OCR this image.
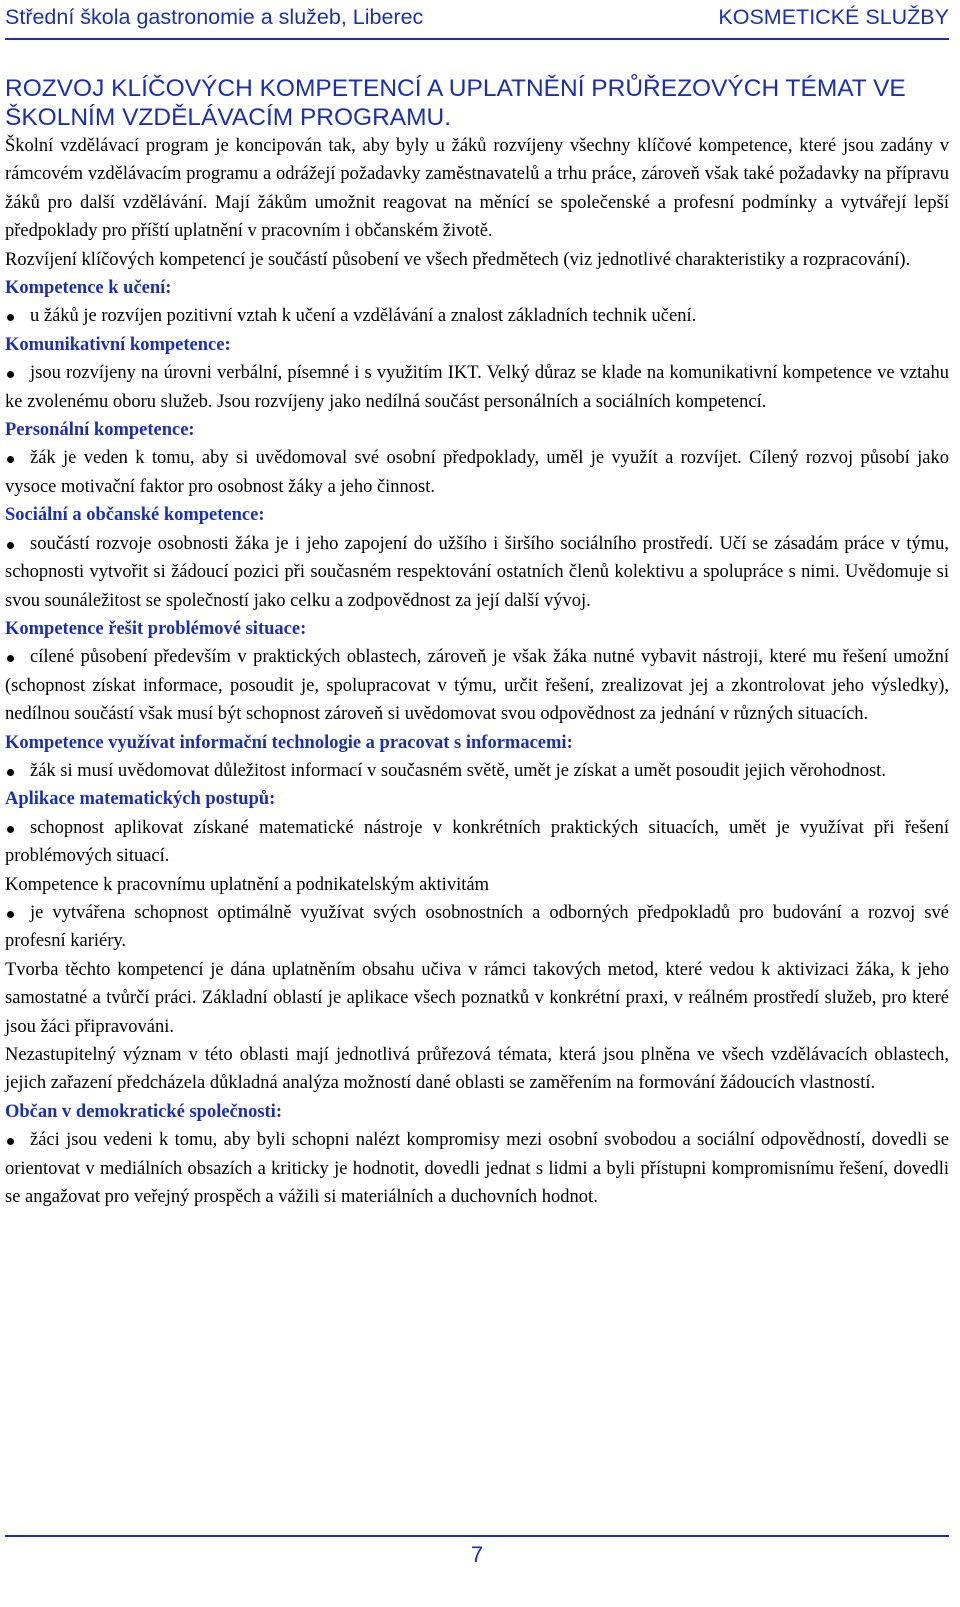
Střední škola gastronomie a služeb, Liberec	KOSMETICKÉ SLUŽBY
ROZVOJ KLÍČOVÝCH KOMPETENCÍ A UPLATNĚNÍ PRŮŘEZOVÝCH TÉMAT VE ŠKOLNÍM VZDĚLÁVACÍM PROGRAMU.

Školní vzdělávací program je koncipován tak, aby byly u žáků rozvíjeny všechny klíčové kompetence, které jsou zadány v rámcovém vzdělávacím programu a odrážejí požadavky zaměstnavatelů a trhu práce, zároveň však také požadavky na přípravu žáků pro další vzdělávání. Mají žákům umožnit reagovat na měnící se společenské a profesní podmínky a vytvářejí lepší předpoklady pro příští uplatnění v pracovním i občanském životě.

Rozvíjení klíčových kompetencí je součástí působení ve všech předmětech (viz jednotlivé charakteristiky a rozpracování).

Kompetence k učení:

u žáků je rozvíjen pozitivní vztah k učení a vzdělávání a znalost základních technik učení.

Komunikativní kompetence:

jsou rozvíjeny na úrovni verbální, písemné i s využitím IKT. Velký důraz se klade na komunikativní kompetence ve vztahu ke zvolenému oboru služeb. Jsou rozvíjeny jako nedílná součást personálních a sociálních kompetencí.

Personální kompetence:

žák je veden k tomu, aby si uvědomoval své osobní předpoklady, uměl je využít a rozvíjet. Cílený rozvoj působí jako vysoce motivační faktor pro osobnost žáky a jeho činnost.

Sociální a občanské kompetence:

součástí rozvoje osobnosti žáka je i jeho zapojení do užšího i širšího sociálního prostředí. Učí se zásadám práce v týmu, schopnosti vytvořit si žádoucí pozici při současném respektování ostatních členů kolektivu a spolupráce s nimi. Uvědomuje si svou sounáležitost se společností jako celku a zodpovědnost za její další vývoj.

Kompetence řešit problémové situace:

cílené působení především v praktických oblastech, zároveň je však žáka nutné vybavit nástroji, které mu řešení umožní (schopnost získat informace, posoudit je, spolupracovat v týmu, určit řešení, zrealizovat jej a zkontrolovat jeho výsledky), nedílnou součástí však musí být schopnost zároveň si uvědomovat svou odpovědnost za jednání v různých situacích.

Kompetence využívat informační technologie a pracovat s informacemi:

žák si musí uvědomovat důležitost informací v současném světě, umět je získat a umět posoudit jejich věrohodnost.

Aplikace matematických postupů:

schopnost aplikovat získané matematické nástroje v konkrétních praktických situacích, umět je využívat při řešení problémových situací.

Kompetence k pracovnímu uplatnění a podnikatelským aktivitám

je vytvářena schopnost optimálně využívat svých osobnostních a odborných předpokladů pro budování a rozvoj své profesní kariéry.

Tvorba těchto kompetencí je dána uplatněním obsahu učiva v rámci takových metod, které vedou k aktivizaci žáka, k jeho samostatné a tvůrčí práci. Základní oblastí je aplikace všech poznatků v konkrétní praxi, v reálném prostředí služeb, pro které jsou žáci připravováni.

Nezastupitelný význam v této oblasti mají jednotlivá průřezová témata, která jsou plněna ve všech vzdělávacích oblastech, jejich zařazení předcházela důkladná analýza možností dané oblasti se zaměřením na formování žádoucích vlastností.

Občan v demokratické společnosti:

žáci jsou vedeni k tomu, aby byli schopni nalézt kompromisy mezi osobní svobodou a sociální odpovědností, dovedli se orientovat v mediálních obsazích a kriticky je hodnotit, dovedli jednat s lidmi a byli přístupni kompromisnímu řešení, dovedli se angažovat pro veřejný prospěch a vážili si materiálních a duchovních hodnot.

7
